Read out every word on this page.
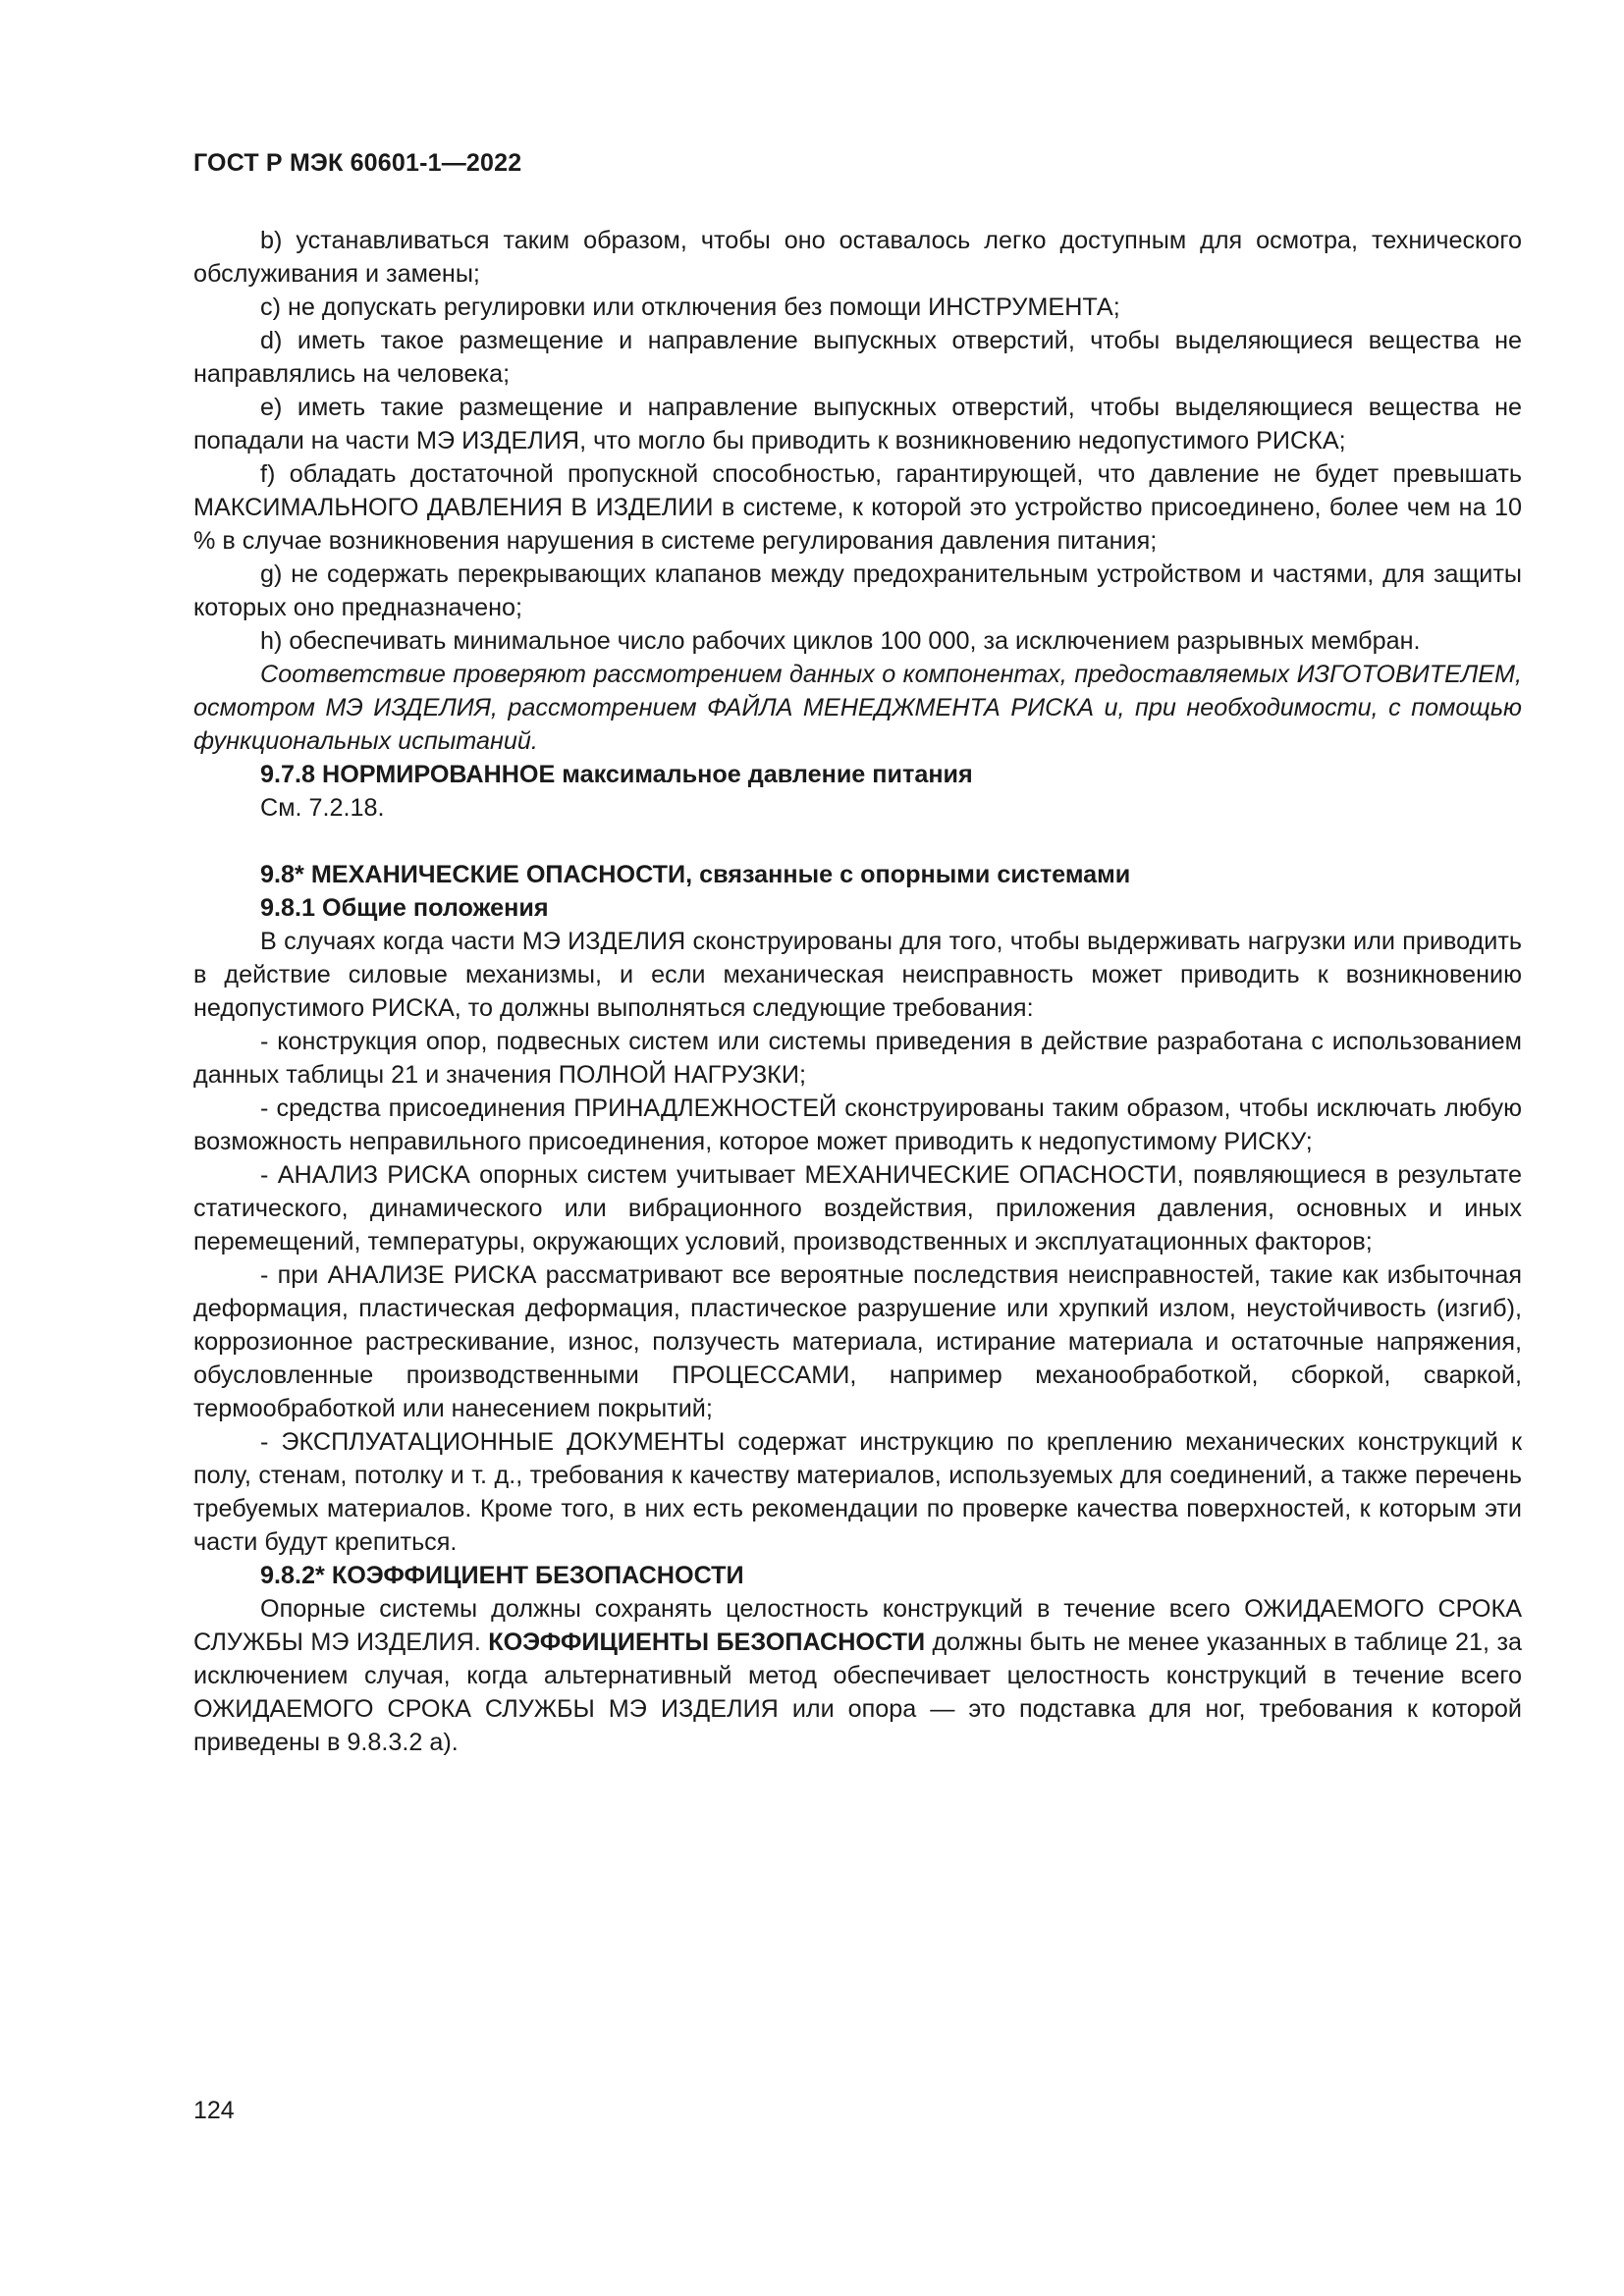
ГОСТ Р МЭК 60601-1—2022

b) устанавливаться таким образом, чтобы оно оставалось легко доступным для осмотра, технического обслуживания и замены;

c) не допускать регулировки или отключения без помощи ИНСТРУМЕНТА;

d) иметь такое размещение и направление выпускных отверстий, чтобы выделяющиеся вещества не направлялись на человека;

e) иметь такие размещение и направление выпускных отверстий, чтобы выделяющиеся вещества не попадали на части МЭ ИЗДЕЛИЯ, что могло бы приводить к возникновению недопустимого РИСКА;

f) обладать достаточной пропускной способностью, гарантирующей, что давление не будет превышать МАКСИМАЛЬНОГО ДАВЛЕНИЯ В ИЗДЕЛИИ в системе, к которой это устройство присоединено, более чем на 10 % в случае возникновения нарушения в системе регулирования давления питания;

g) не содержать перекрывающих клапанов между предохранительным устройством и частями, для защиты которых оно предназначено;

h) обеспечивать минимальное число рабочих циклов 100 000, за исключением разрывных мембран.

Соответствие проверяют рассмотрением данных о компонентах, предоставляемых ИЗГОТОВИТЕЛЕМ, осмотром МЭ ИЗДЕЛИЯ, рассмотрением ФАЙЛА МЕНЕДЖМЕНТА РИСКА и, при необходимости, с помощью функциональных испытаний.

9.7.8 НОРМИРОВАННОЕ максимальное давление питания

См. 7.2.18.

9.8* МЕХАНИЧЕСКИЕ ОПАСНОСТИ, связанные с опорными системами

9.8.1 Общие положения

В случаях когда части МЭ ИЗДЕЛИЯ сконструированы для того, чтобы выдерживать нагрузки или приводить в действие силовые механизмы, и если механическая неисправность может приводить к возникновению недопустимого РИСКА, то должны выполняться следующие требования:

- конструкция опор, подвесных систем или системы приведения в действие разработана с использованием данных таблицы 21 и значения ПОЛНОЙ НАГРУЗКИ;

- средства присоединения ПРИНАДЛЕЖНОСТЕЙ сконструированы таким образом, чтобы исключать любую возможность неправильного присоединения, которое может приводить к недопустимому РИСКУ;

- АНАЛИЗ РИСКА опорных систем учитывает МЕХАНИЧЕСКИЕ ОПАСНОСТИ, появляющиеся в результате статического, динамического или вибрационного воздействия, приложения давления, основных и иных перемещений, температуры, окружающих условий, производственных и эксплуатационных факторов;

- при АНАЛИЗЕ РИСКА рассматривают все вероятные последствия неисправностей, такие как избыточная деформация, пластическая деформация, пластическое разрушение или хрупкий излом, неустойчивость (изгиб), коррозионное растрескивание, износ, ползучесть материала, истирание материала и остаточные напряжения, обусловленные производственными ПРОЦЕССАМИ, например механообработкой, сборкой, сваркой, термообработкой или нанесением покрытий;

- ЭКСПЛУАТАЦИОННЫЕ ДОКУМЕНТЫ содержат инструкцию по креплению механических конструкций к полу, стенам, потолку и т. д., требования к качеству материалов, используемых для соединений, а также перечень требуемых материалов. Кроме того, в них есть рекомендации по проверке качества поверхностей, к которым эти части будут крепиться.

9.8.2* КОЭФФИЦИЕНТ БЕЗОПАСНОСТИ

Опорные системы должны сохранять целостность конструкций в течение всего ОЖИДАЕМОГО СРОКА СЛУЖБЫ МЭ ИЗДЕЛИЯ. КОЭФФИЦИЕНТЫ БЕЗОПАСНОСТИ должны быть не менее указанных в таблице 21, за исключением случая, когда альтернативный метод обеспечивает целостность конструкций в течение всего ОЖИДАЕМОГО СРОКА СЛУЖБЫ МЭ ИЗДЕЛИЯ или опора — это подставка для ног, требования к которой приведены в 9.8.3.2 a).

124
